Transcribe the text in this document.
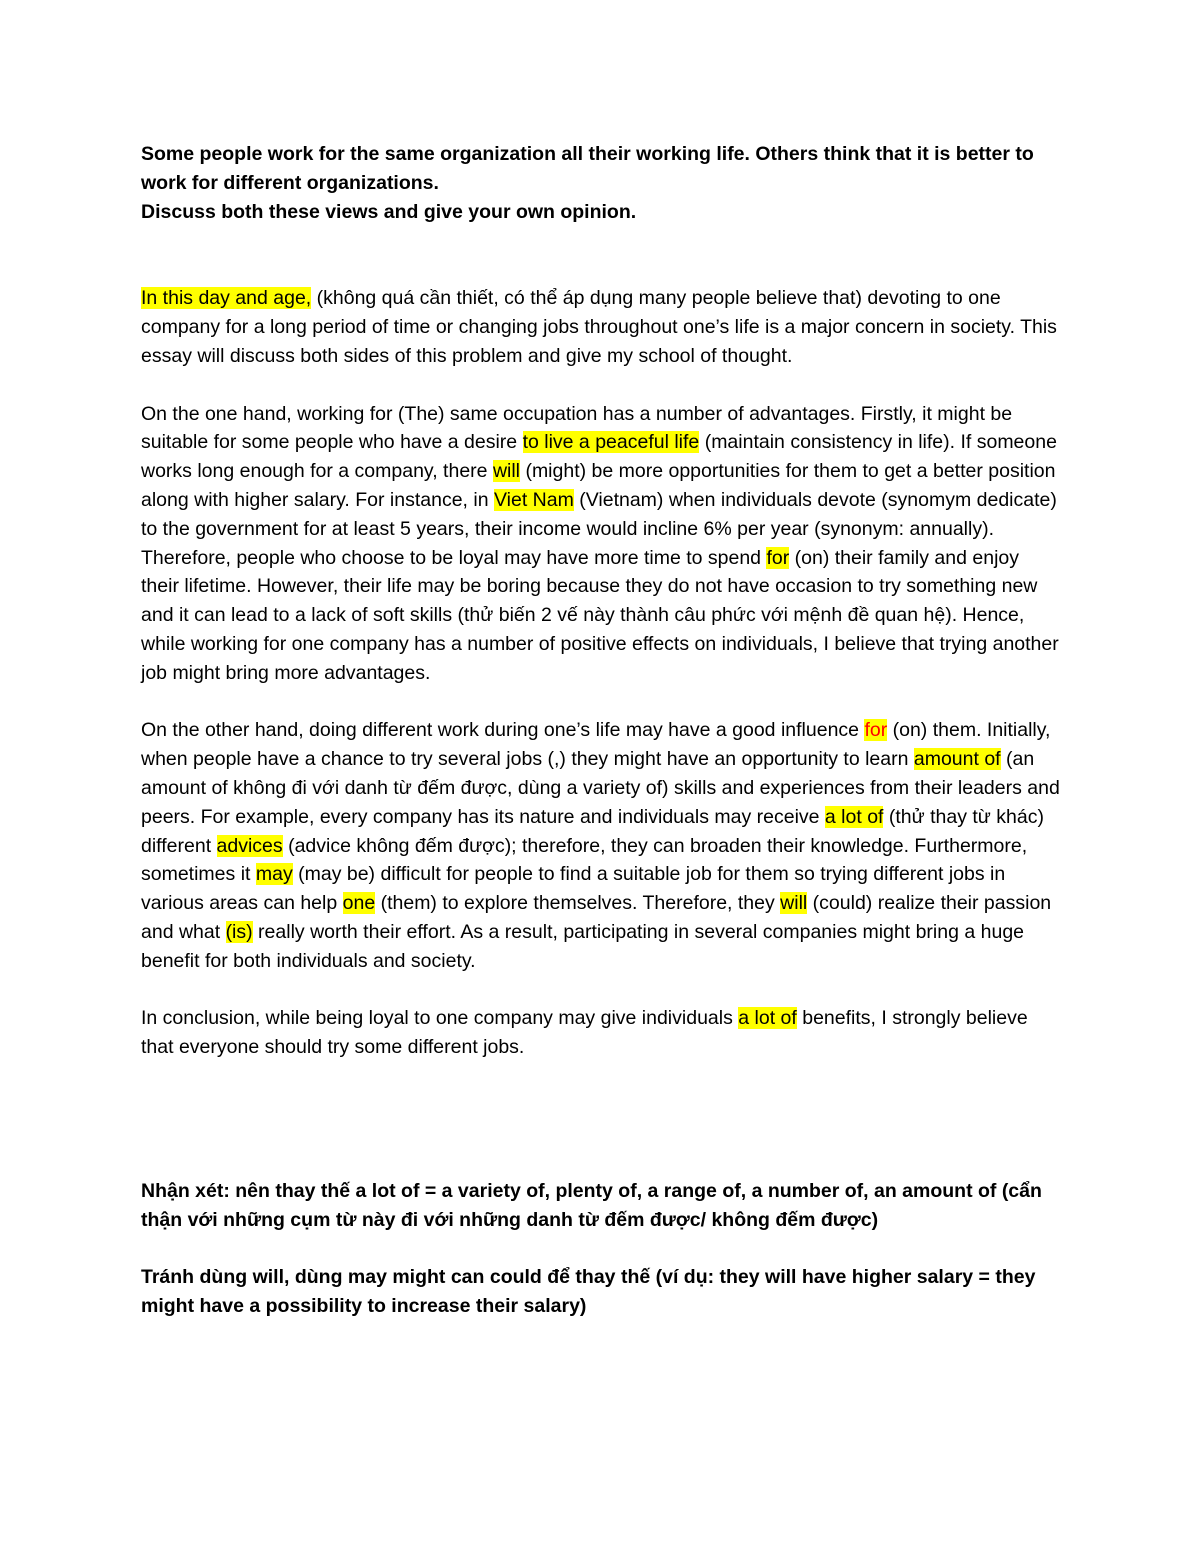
Some people work for the same organization all their working life. Others think that it is better to work for different organizations.
Discuss both these views and give your own opinion.

In this day and age, (không quá cần thiết, có thể áp dụng many people believe that) devoting to one company for a long period of time or changing jobs throughout one’s life is a major concern in society. This essay will discuss both sides of this problem and give my school of thought.

On the one hand, working for (The) same occupation has a number of advantages. Firstly, it might be suitable for some people who have a desire to live a peaceful life (maintain consistency in life). If someone works long enough for a company, there will (might) be more opportunities for them to get a better position along with higher salary. For instance, in Viet Nam (Vietnam) when individuals devote (synomym dedicate) to the government for at least 5 years, their income would incline 6% per year (synonym: annually). Therefore, people who choose to be loyal may have more time to spend for (on) their family and enjoy their lifetime. However, their life may be boring because they do not have occasion to try something new and it can lead to a lack of soft skills (thử biến 2 vế này thành câu phức với mệnh đề quan hệ). Hence, while working for one company has a number of positive effects on individuals, I believe that trying another job might bring more advantages.

On the other hand, doing different work during one’s life may have a good influence for (on) them. Initially, when people have a chance to try several jobs (,) they might have an opportunity to learn amount of (an amount of không đi với danh từ đếm được, dùng a variety of) skills and experiences from their leaders and peers. For example, every company has its nature and individuals may receive a lot of (thử thay từ khác) different advices (advice không đếm được); therefore, they can broaden their knowledge. Furthermore, sometimes it may (may be) difficult for people to find a suitable job for them so trying different jobs in various areas can help one (them) to explore themselves. Therefore, they will (could) realize their passion and what (is) really worth their effort. As a result, participating in several companies might bring a huge benefit for both individuals and society.

In conclusion, while being loyal to one company may give individuals a lot of benefits, I strongly believe that everyone should try some different jobs.

Nhận xét: nên thay thế a lot of = a variety of, plenty of, a range of, a number of, an amount of (cẩn thận với những cụm từ này đi với những danh từ đếm được/ không đếm được)

Tránh dùng will, dùng may might can could để thay thế (ví dụ: they will have higher salary = they might have a possibility to increase their salary)
